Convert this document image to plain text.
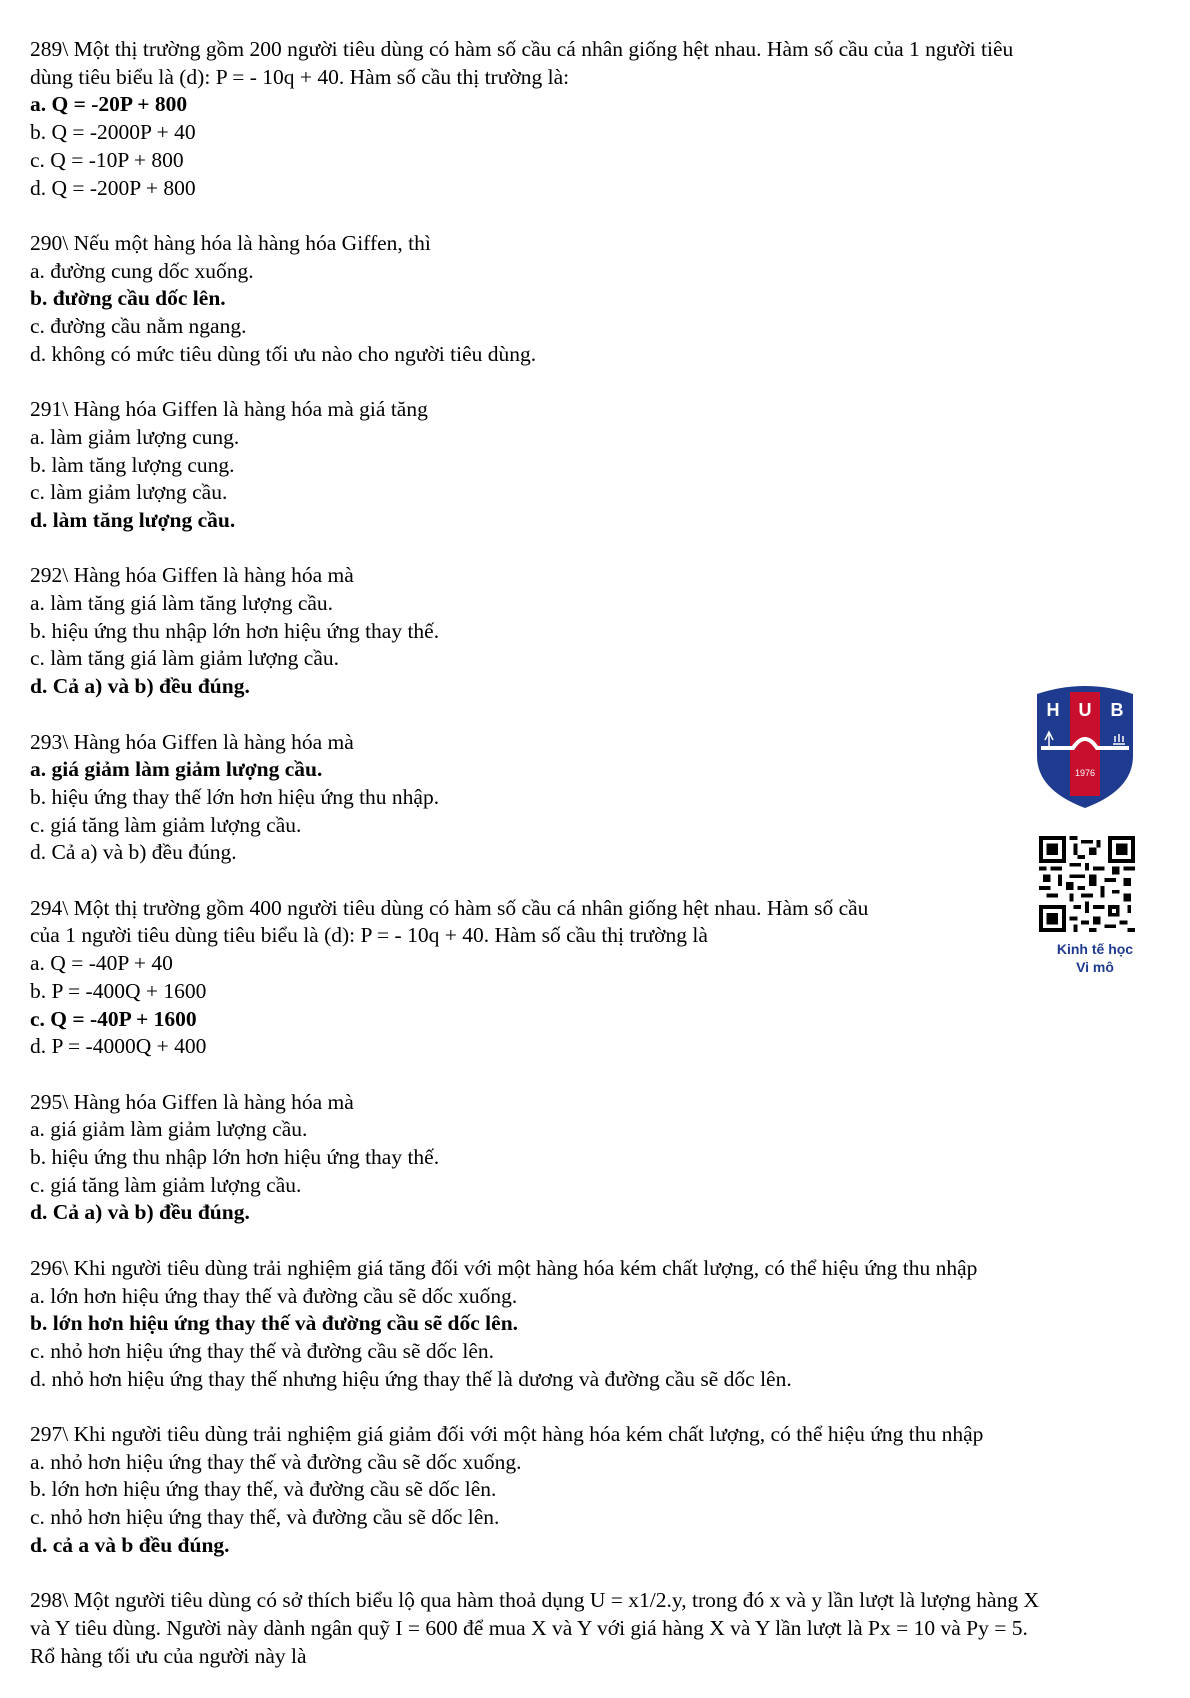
289\ Một thị trường gồm 200 người tiêu dùng có hàm số cầu cá nhân giống hệt nhau. Hàm số cầu của 1 người tiêu
dùng tiêu biểu là (d): P = - 10q + 40. Hàm số cầu thị trường là:
a. Q = -20P + 800
b. Q = -2000P + 40
c. Q = -10P + 800
d. Q = -200P + 800
290\ Nếu một hàng hóa là hàng hóa Giffen, thì
a. đường cung dốc xuống.
b. đường cầu dốc lên.
c. đường cầu nằm ngang.
d. không có mức tiêu dùng tối ưu nào cho người tiêu dùng.
291\ Hàng hóa Giffen là hàng hóa mà giá tăng
a. làm giảm lượng cung.
b. làm tăng lượng cung.
c. làm giảm lượng cầu.
d. làm tăng lượng cầu.
292\ Hàng hóa Giffen là hàng hóa mà
a. làm tăng giá làm tăng lượng cầu.
b. hiệu ứng thu nhập lớn hơn hiệu ứng thay thế.
c. làm tăng giá làm giảm lượng cầu.
d. Cả a) và b) đều đúng.
293\ Hàng hóa Giffen là hàng hóa mà
a. giá giảm làm giảm lượng cầu.
b. hiệu ứng thay thế lớn hơn hiệu ứng thu nhập.
c. giá tăng làm giảm lượng cầu.
d. Cả a) và b) đều đúng.
294\ Một thị trường gồm 400 người tiêu dùng có hàm số cầu cá nhân giống hệt nhau. Hàm số cầu
của 1 người tiêu dùng tiêu biểu là (d): P = - 10q + 40. Hàm số cầu thị trường là
a. Q = -40P + 40
b. P = -400Q + 1600
c. Q = -40P + 1600
d. P = -4000Q + 400
295\ Hàng hóa Giffen là hàng hóa mà
a. giá giảm làm giảm lượng cầu.
b. hiệu ứng thu nhập lớn hơn hiệu ứng thay thế.
c. giá tăng làm giảm lượng cầu.
d. Cả a) và b) đều đúng.
296\ Khi người tiêu dùng trải nghiệm giá tăng đối với một hàng hóa kém chất lượng, có thể hiệu ứng thu nhập
a. lớn hơn hiệu ứng thay thế và đường cầu sẽ dốc xuống.
b. lớn hơn hiệu ứng thay thế và đường cầu sẽ dốc lên.
c. nhỏ hơn hiệu ứng thay thế và đường cầu sẽ dốc lên.
d. nhỏ hơn hiệu ứng thay thế nhưng hiệu ứng thay thế là dương và đường cầu sẽ dốc lên.
297\ Khi người tiêu dùng trải nghiệm giá giảm đối với một hàng hóa kém chất lượng, có thể hiệu ứng thu nhập
a. nhỏ hơn hiệu ứng thay thế và đường cầu sẽ dốc xuống.
b. lớn hơn hiệu ứng thay thế, và đường cầu sẽ dốc lên.
c. nhỏ hơn hiệu ứng thay thế, và đường cầu sẽ dốc lên.
d. cả a và b đều đúng.
298\ Một người tiêu dùng có sở thích biểu lộ qua hàm thoả dụng U = x1/2.y, trong đó x và y lần lượt là lượng hàng X
và Y tiêu dùng. Người này dành ngân quỹ I = 600 để mua X và Y với giá hàng X và Y lần lượt là Px = 10 và Py = 5.
Rổ hàng tối ưu của người này là
H U B
1976
Kinh tế học
Vi mô
